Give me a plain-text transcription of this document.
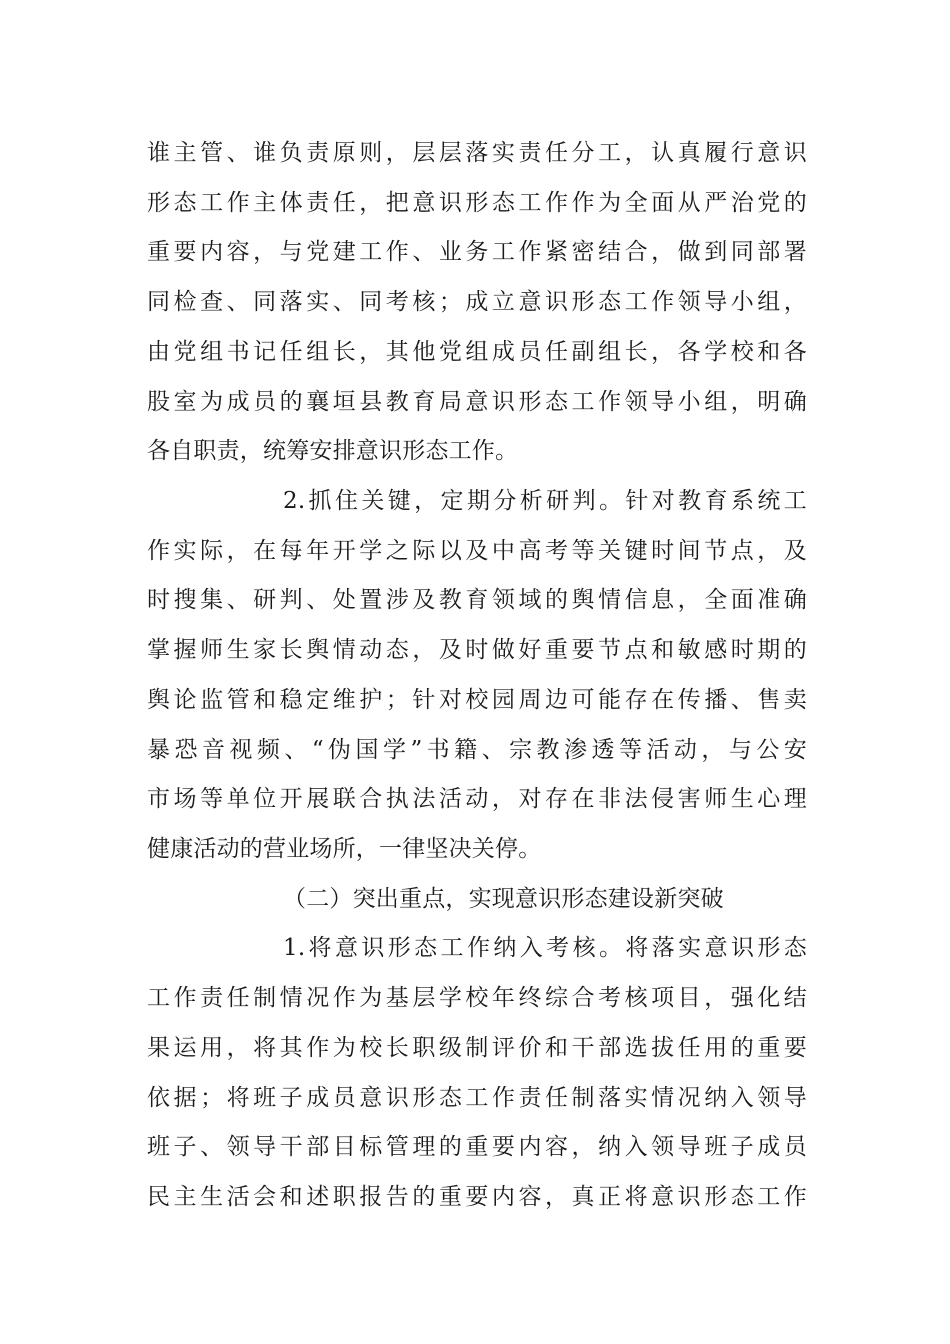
谁主管、谁负责原则，层层落实责任分工，认真履行意识
形态工作主体责任，把意识形态工作作为全面从严治党的
重要内容，与党建工作、业务工作紧密结合，做到同部署
同检查、同落实、同考核；成立意识形态工作领导小组，
由党组书记任组长，其他党组成员任副组长，各学校和各
股室为成员的襄垣县教育局意识形态工作领导小组，明确
各自职责，统筹安排意识形态工作。
2.抓住关键，定期分析研判。针对教育系统工
作实际，在每年开学之际以及中高考等关键时间节点，及
时搜集、研判、处置涉及教育领域的舆情信息，全面准确
掌握师生家长舆情动态，及时做好重要节点和敏感时期的
舆论监管和稳定维护；针对校园周边可能存在传播、售卖
暴恐音视频、“伪国学”书籍、宗教渗透等活动，与公安
市场等单位开展联合执法活动，对存在非法侵害师生心理
健康活动的营业场所，一律坚决关停。
（二）突出重点，实现意识形态建设新突破
1.将意识形态工作纳入考核。将落实意识形态
工作责任制情况作为基层学校年终综合考核项目，强化结
果运用，将其作为校长职级制评价和干部选拔任用的重要
依据；将班子成员意识形态工作责任制落实情况纳入领导
班子、领导干部目标管理的重要内容，纳入领导班子成员
民主生活会和述职报告的重要内容，真正将意识形态工作
